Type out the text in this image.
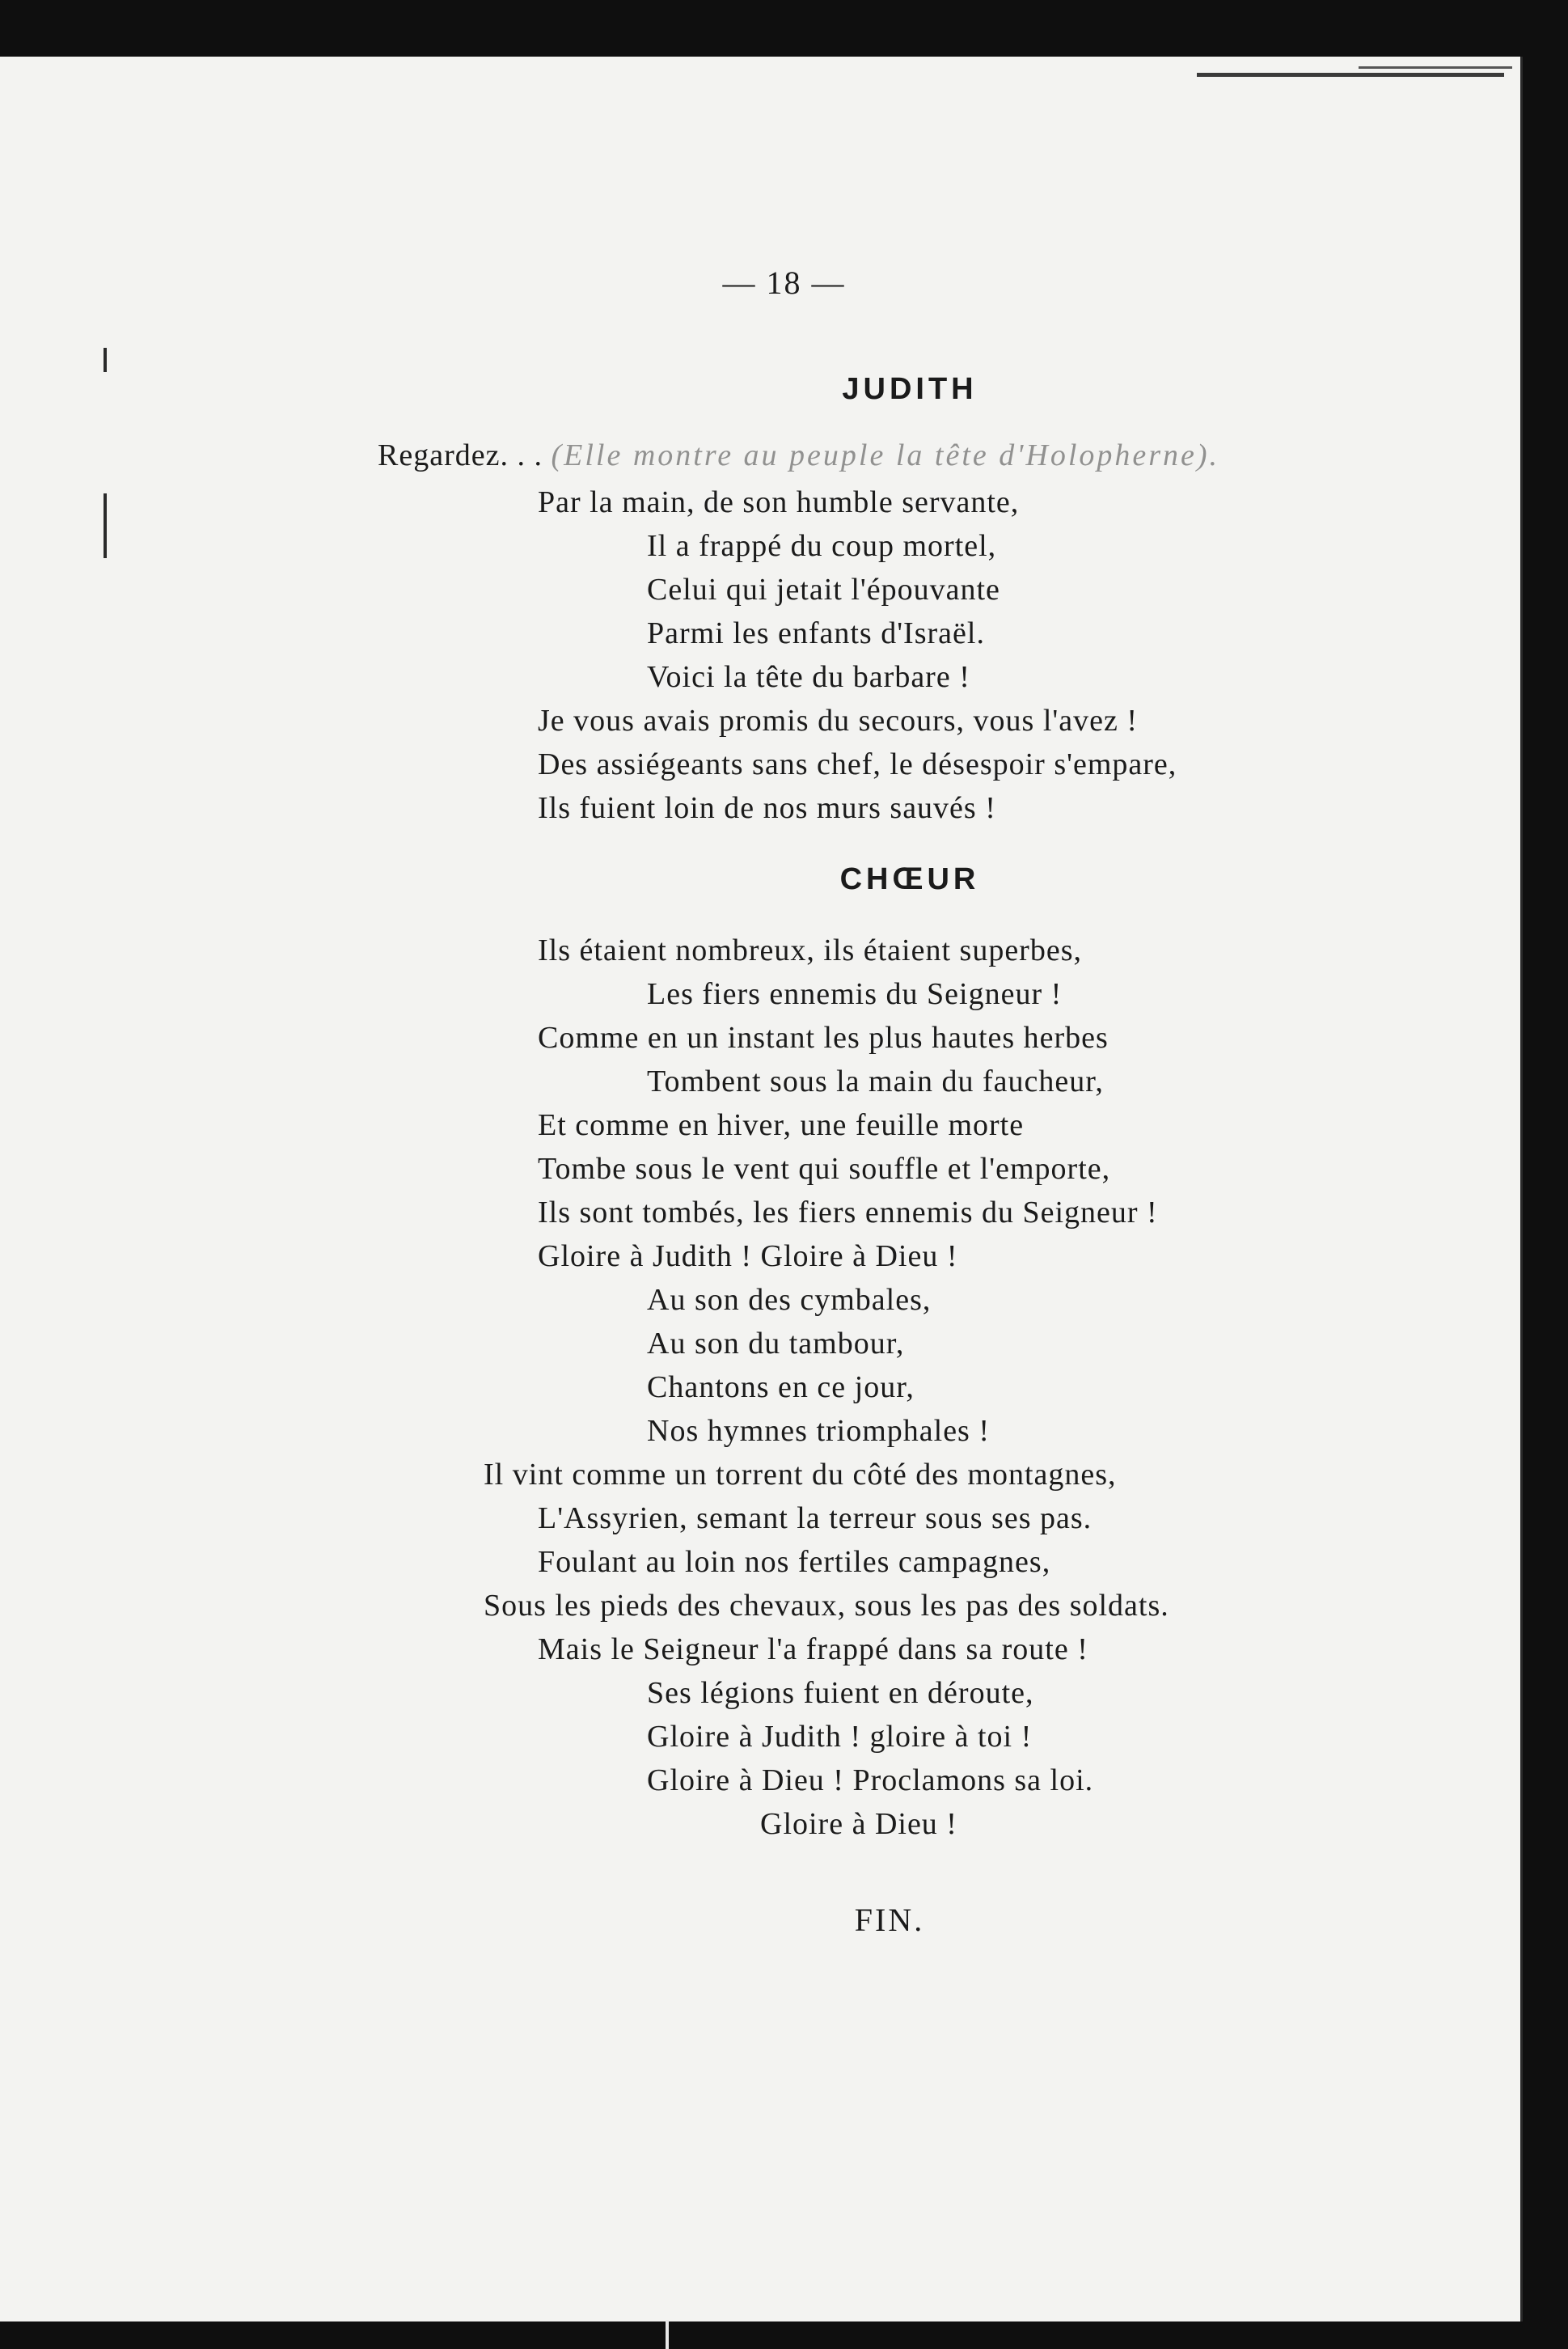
— 18 —
JUDITH
Regardez. . . (Elle montre au peuple la tête d'Holopherne).
Par la main, de son humble servante,
Il a frappé du coup mortel,
Celui qui jetait l'épouvante
Parmi les enfants d'Israël.
Voici la tête du barbare !
Je vous avais promis du secours, vous l'avez !
Des assiégeants sans chef, le désespoir s'empare,
Ils fuient loin de nos murs sauvés !
CHŒUR
Ils étaient nombreux, ils étaient superbes,
Les fiers ennemis du Seigneur !
Comme en un instant les plus hautes herbes
Tombent sous la main du faucheur,
Et comme en hiver, une feuille morte
Tombe sous le vent qui souffle et l'emporte,
Ils sont tombés, les fiers ennemis du Seigneur !
Gloire à Judith ! Gloire à Dieu !
Au son des cymbales,
Au son du tambour,
Chantons en ce jour,
Nos hymnes triomphales !
Il vint comme un torrent du côté des montagnes,
L'Assyrien, semant la terreur sous ses pas.
Foulant au loin nos fertiles campagnes,
Sous les pieds des chevaux, sous les pas des soldats.
Mais le Seigneur l'a frappé dans sa route !
Ses légions fuient en déroute,
Gloire à Judith ! gloire à toi !
Gloire à Dieu ! Proclamons sa loi.
Gloire à Dieu !
FIN.
